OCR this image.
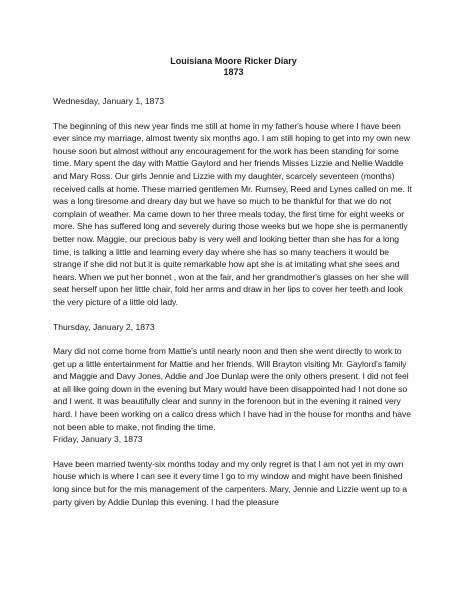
Louisiana Moore Ricker Diary

1873

Wednesday, January 1, 1873

The beginning of this new year finds me still at home in my father's house where I have been ever since my marriage, almost twenty six months ago. I am still hoping to get into my own new house soon but almost without any encouragement for the work has been standing for some time. Mary spent the day with Mattie Gaylord and her friends Misses Lizzie and Nellie Waddle and Mary Ross. Our girls Jennie and Lizzie with my daughter, scarcely seventeen (months) received calls at home. These married gentlemen Mr. Rumsey, Reed and Lynes called on me. It was a long tiresome and dreary day but we have so much to be thankful for that we do not complain of weather. Ma came down to her three meals today, the first time for eight weeks or more. She has suffered long and severely during those weeks but we hope she is permanently better now. Maggie, our precious baby is very well and looking better than she has for a long time, is talking a little and learning every day where she has so many teachers it would be strange if she did not but it is quite remarkable how apt she is at imitating what she sees and hears. When we put her bonnet , won at the fair, and her grandmother's glasses on her she will seat herself upon her little chair, fold her arms and draw in her lips to cover her teeth and look the very picture of a little old lady.

Thursday, January 2, 1873

Mary did not come home from Mattie's until nearly noon and then she went directly to work to get up a little entertainment for Mattie and her friends. Will Brayton visiting Mr. Gaylord's family and Maggie and Davy Jones, Addie and Joe Dunlap were the only others present. I did not feel at all like going down in the evening but Mary would have been disappointed had I not done so and I went. It was beautifully clear and sunny in the forenoon but in the evening it rained very hard. I have been working on a calico dress which I have had in the house for months and have not been able to make, not finding the time.

Friday, January 3, 1873

Have been married twenty-six months today and my only regret is that I am not yet in my own house which is where I can see it every time I go to my window and might have been finished long since but for the mis management of the carpenters. Mary, Jennie and Lizzie went up to a party given by Addie Dunlap this evening. I had the pleasure
